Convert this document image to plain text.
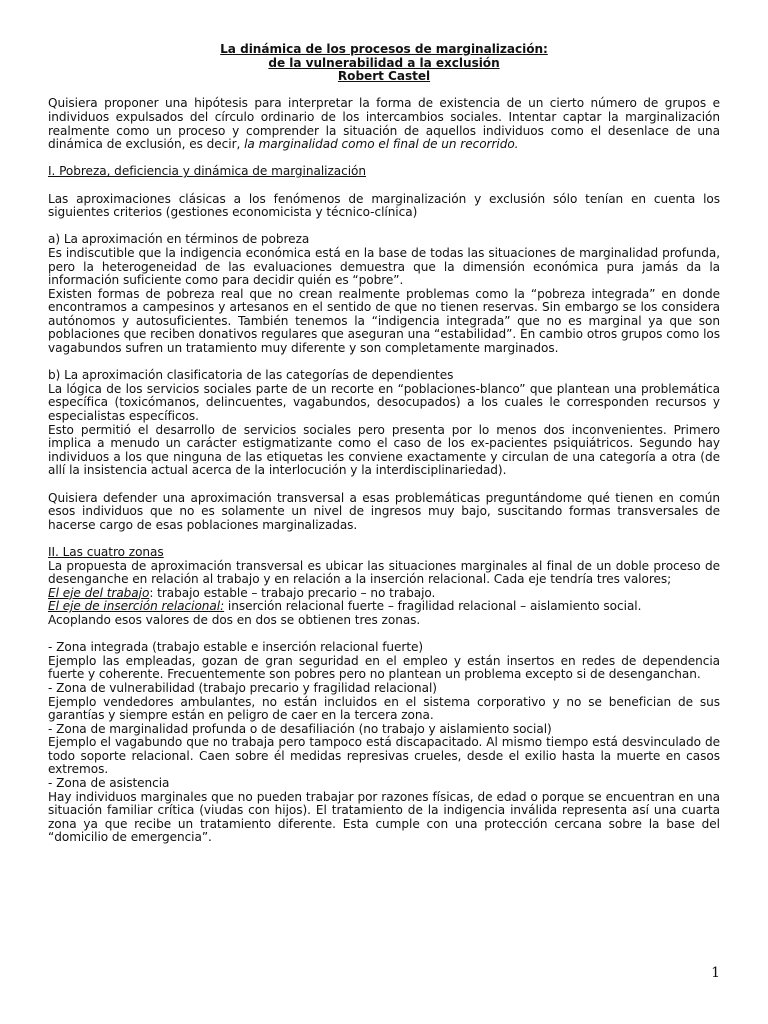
La dinámica de los procesos de marginalización:

de la vulnerabilidad a la exclusión

Robert Castel

Quisiera proponer una hipótesis para interpretar la forma de existencia de un cierto número de grupos e individuos expulsados del círculo ordinario de los intercambios sociales. Intentar captar la marginalización realmente como un proceso y comprender la situación de aquellos individuos como el desenlace de una dinámica de exclusión, es decir, la marginalidad como el final de un recorrido.

I. Pobreza, deficiencia y dinámica de marginalización

Las aproximaciones clásicas a los fenómenos de marginalización y exclusión sólo tenían en cuenta los siguientes criterios (gestiones economicista y técnico-clínica)

a) La aproximación en términos de pobreza

Es indiscutible que la indigencia económica está en la base de todas las situaciones de marginalidad profunda, pero la heterogeneidad de las evaluaciones demuestra que la dimensión económica pura jamás da la información suficiente como para decidir quién es “pobre”.

Existen formas de pobreza real que no crean realmente problemas como la “pobreza integrada” en donde encontramos a campesinos y artesanos en el sentido de que no tienen reservas. Sin embargo se los considera autónomos y autosuficientes. También tenemos la “indigencia integrada” que no es marginal ya que son poblaciones que reciben donativos regulares que aseguran una “estabilidad”. En cambio otros grupos como los vagabundos sufren un tratamiento muy diferente y son completamente marginados.

b) La aproximación clasificatoria de las categorías de dependientes

La lógica de los servicios sociales parte de un recorte en “poblaciones-blanco” que plantean una problemática específica (toxicómanos, delincuentes, vagabundos, desocupados) a los cuales le corresponden recursos y especialistas específicos.

Esto permitió el desarrollo de servicios sociales pero presenta por lo menos dos inconvenientes. Primero implica a menudo un carácter estigmatizante como el caso de los ex-pacientes psiquiátricos. Segundo hay individuos a los que ninguna de las etiquetas les conviene exactamente y circulan de una categoría a otra (de allí la insistencia actual acerca de la interlocución y la interdisciplinariedad).

Quisiera defender una aproximación transversal a esas problemáticas preguntándome qué tienen en común esos individuos que no es solamente un nivel de ingresos muy bajo, suscitando formas transversales de hacerse cargo de esas poblaciones marginalizadas.

II. Las cuatro zonas

La propuesta de aproximación transversal es ubicar las situaciones marginales al final de un doble proceso de desenganche en relación al trabajo y en relación a la inserción relacional. Cada eje tendría tres valores;

El eje del trabajo: trabajo estable – trabajo precario – no trabajo.

El eje de inserción relacional: inserción relacional fuerte – fragilidad relacional – aislamiento social.

Acoplando esos valores de dos en dos se obtienen tres zonas.

- Zona integrada (trabajo estable e inserción relacional fuerte)

Ejemplo las empleadas, gozan de gran seguridad en el empleo y están insertos en redes de dependencia fuerte y coherente. Frecuentemente son pobres pero no plantean un problema excepto si de desenganchan.

- Zona de vulnerabilidad (trabajo precario y fragilidad relacional)

Ejemplo vendedores ambulantes, no están incluidos en el sistema corporativo y no se benefician de sus garantías y siempre están en peligro de caer en la tercera zona.

- Zona de marginalidad profunda o de desafiliación (no trabajo y aislamiento social)

Ejemplo el vagabundo que no trabaja pero tampoco está discapacitado. Al mismo tiempo está desvinculado de todo soporte relacional. Caen sobre él medidas represivas crueles, desde el exilio hasta la muerte en casos extremos.

- Zona de asistencia

Hay individuos marginales que no pueden trabajar por razones físicas, de edad o porque se encuentran en una situación familiar crítica (viudas con hijos). El tratamiento de la indigencia inválida representa así una cuarta zona ya que recibe un tratamiento diferente. Esta cumple con una protección cercana sobre la base del “domicilio de emergencia”.

1
